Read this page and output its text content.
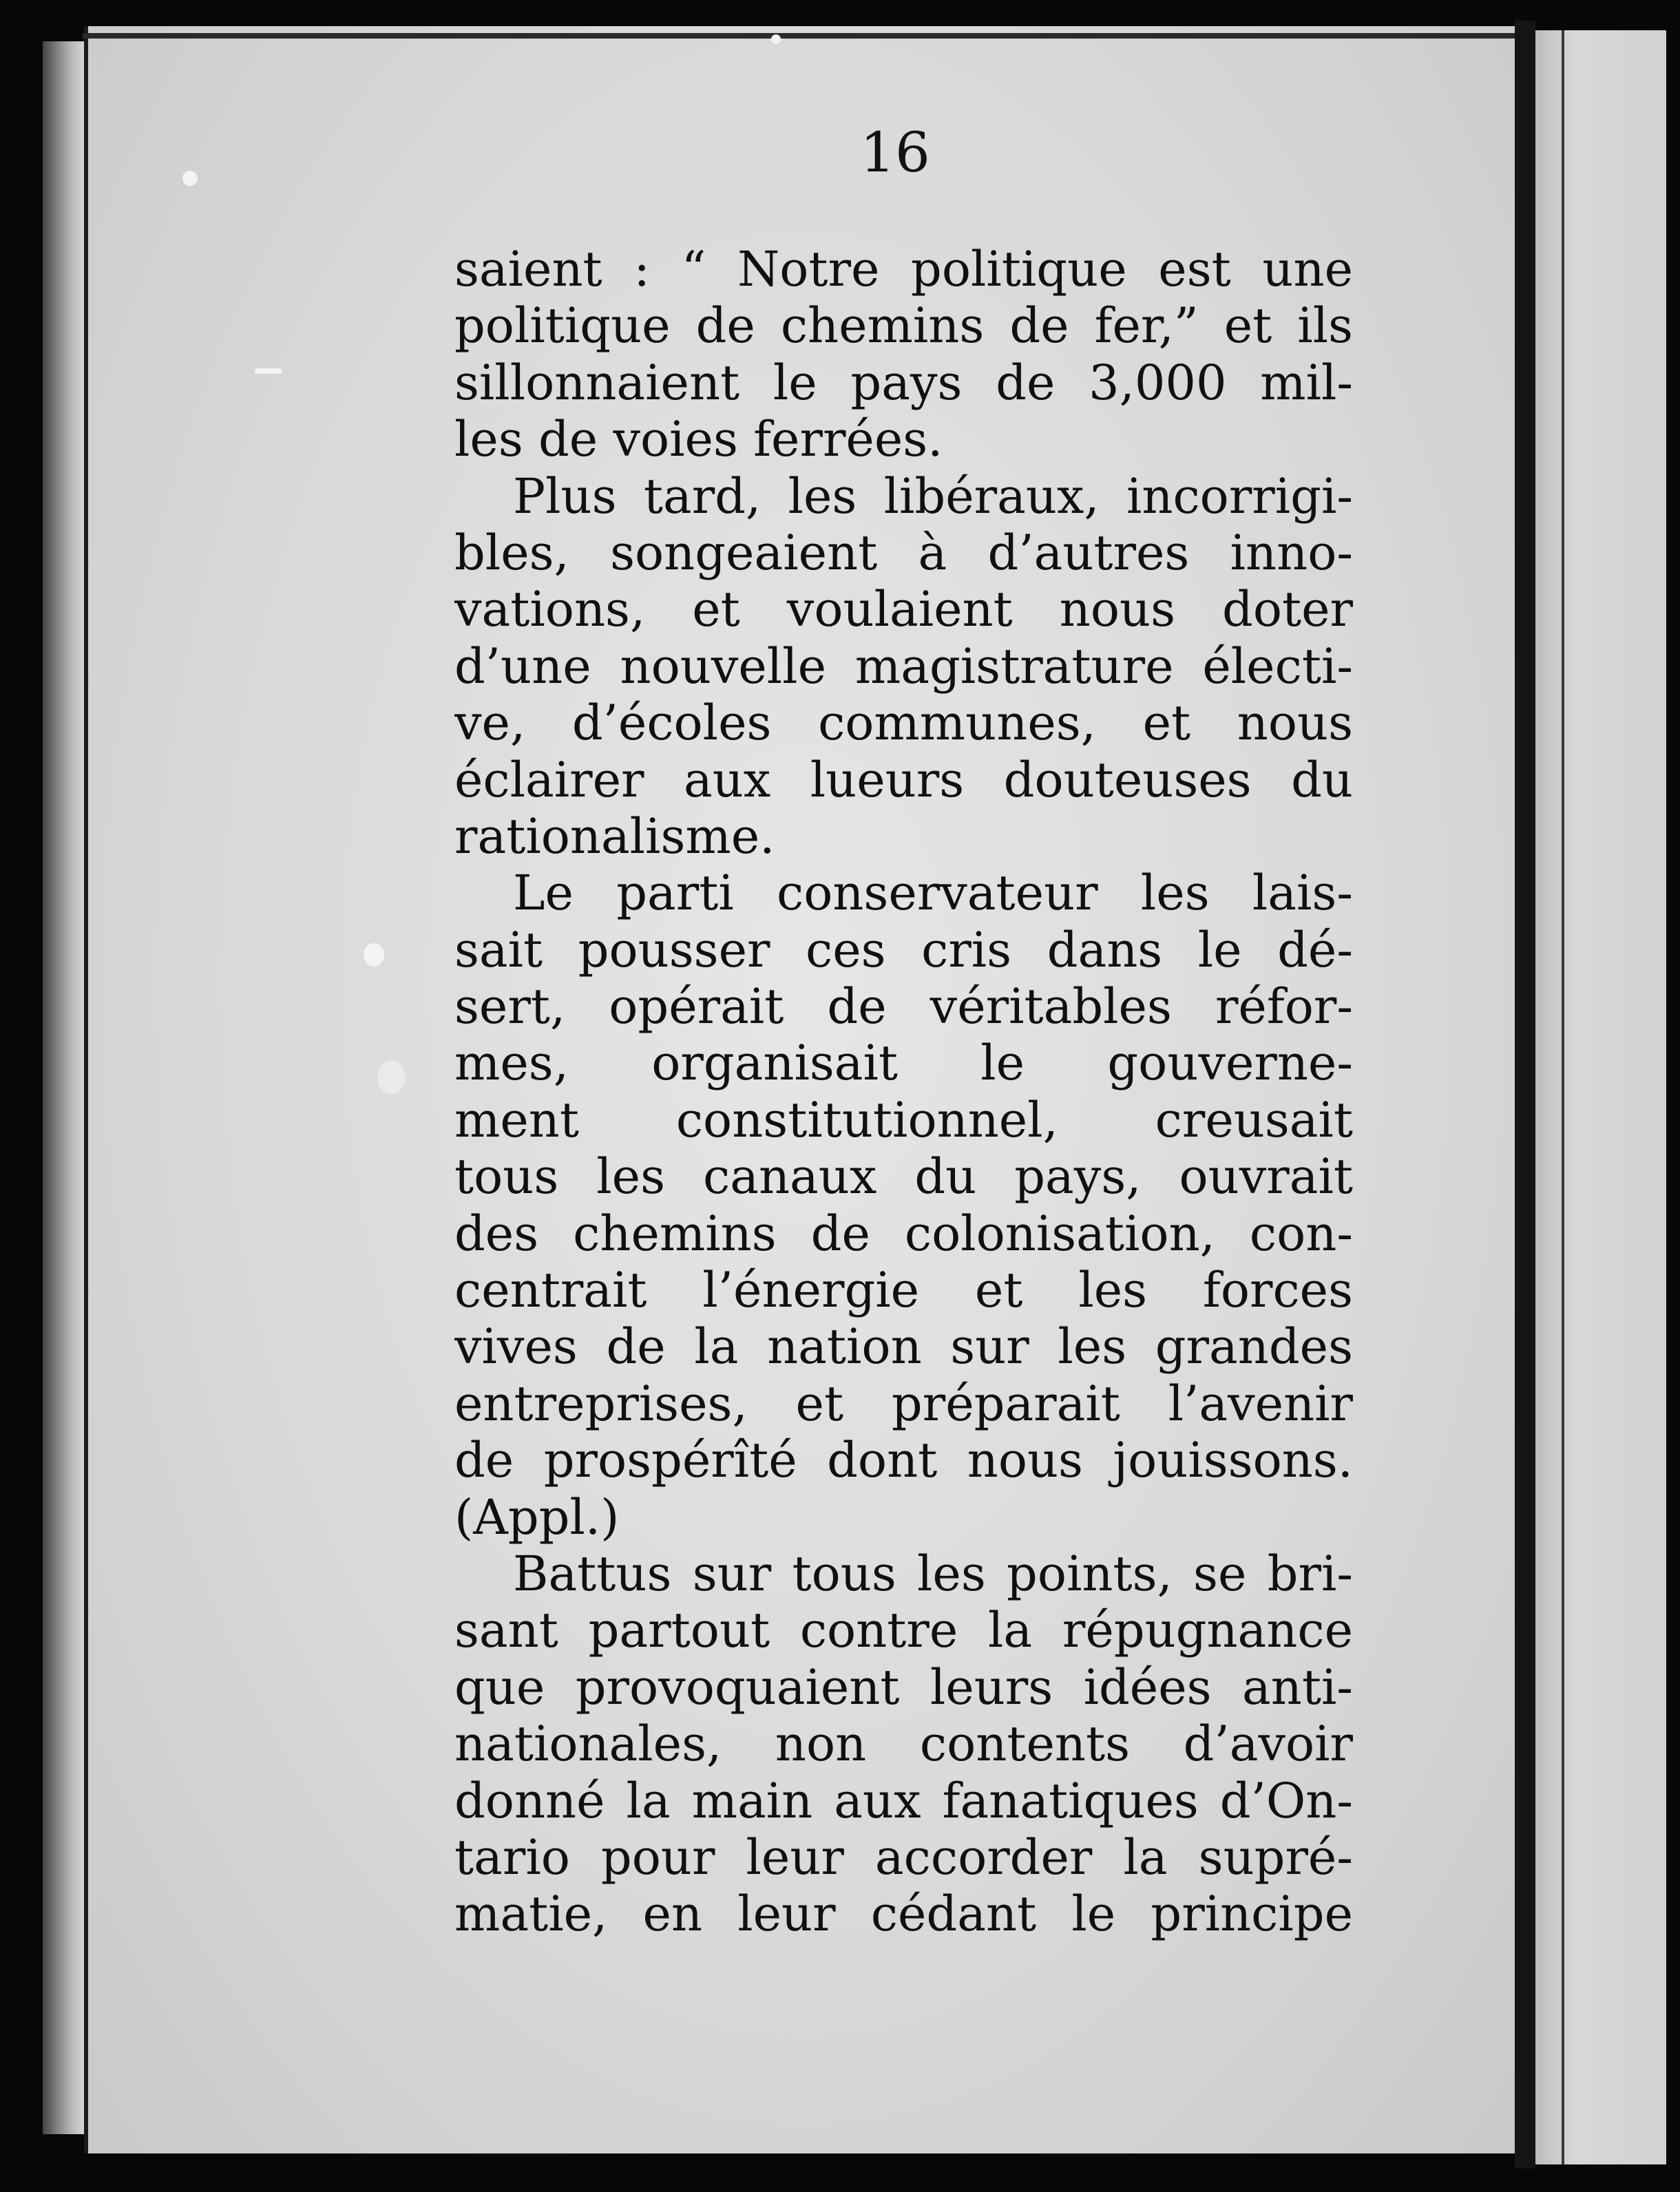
16
saient : “ Notre politique est une
politique de chemins de fer,” et ils
sillonnaient le pays de 3,000 mil-
les de voies ferrées.
Plus tard, les libéraux, incorrigi-
bles, songeaient à d’autres inno-
vations, et voulaient nous doter
d’une nouvelle magistrature électi-
ve, d’écoles communes, et nous
éclairer aux lueurs douteuses du
rationalisme.
Le parti conservateur les lais-
sait pousser ces cris dans le dé-
sert, opérait de véritables réfor-
mes, organisait le gouverne-
ment constitutionnel, creusait
tous les canaux du pays, ouvrait
des chemins de colonisation, con-
centrait l’énergie et les forces
vives de la nation sur les grandes
entreprises, et préparait l’avenir
de prospérîté dont nous jouissons.
(Appl.)
Battus sur tous les points, se bri-
sant partout contre la répugnance
que provoquaient leurs idées anti-
nationales, non contents d’avoir
donné la main aux fanatiques d’On-
tario pour leur accorder la supré-
matie, en leur cédant le principe
